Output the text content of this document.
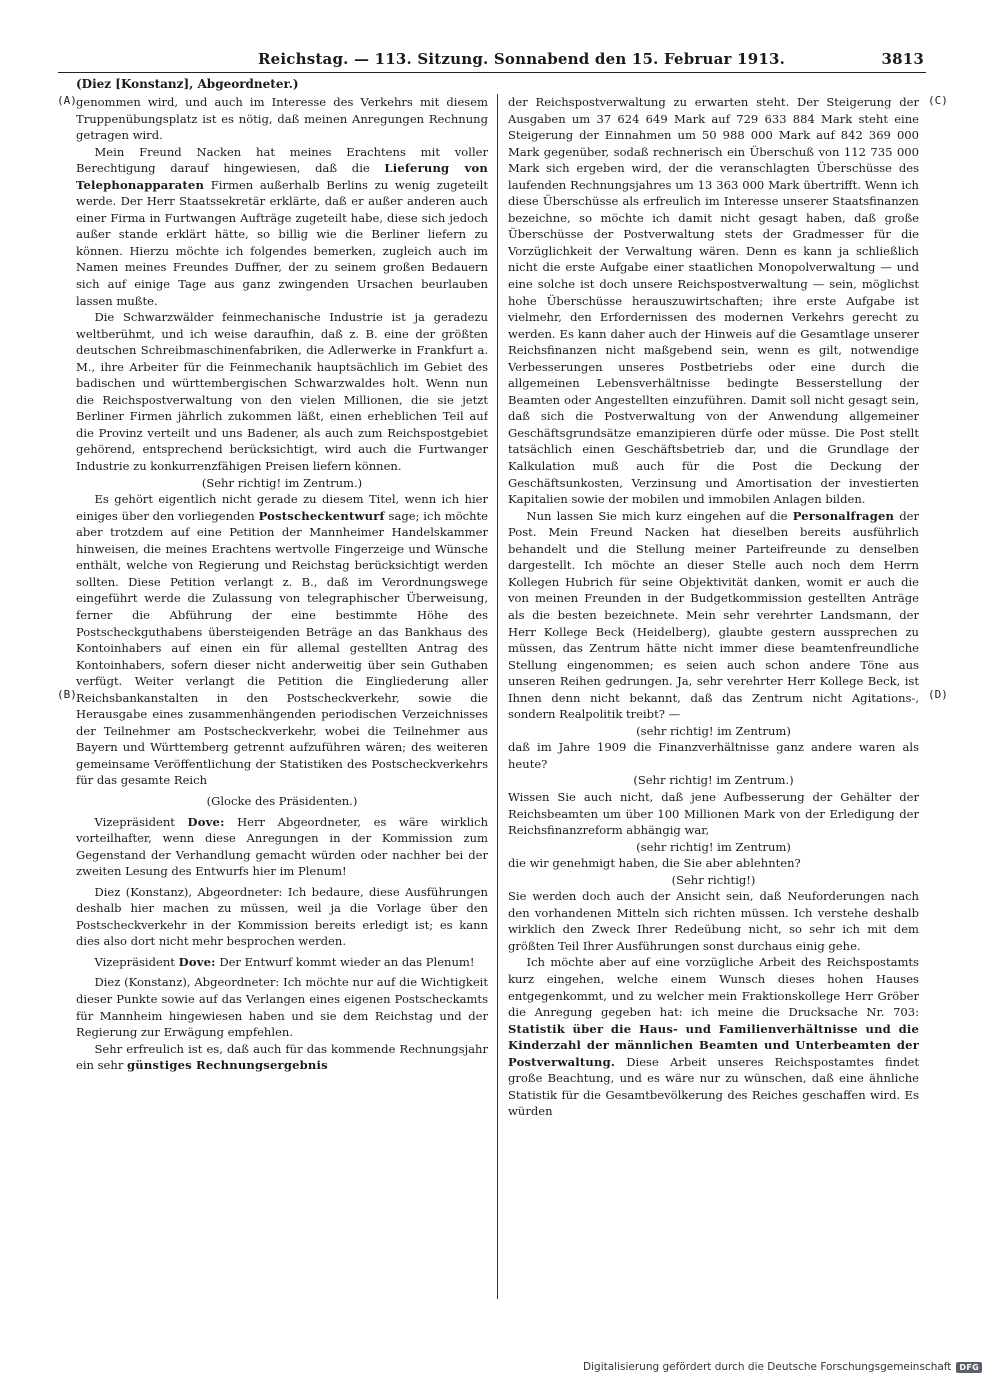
Reichstag. — 113. Sitzung. Sonnabend den 15. Februar 1913.	3813
(Diez [Konstanz], Abgeordneter.)
(A)
(B)
(C)
(D)

genommen wird, und auch im Interesse des Verkehrs mit diesem Truppenübungsplatz ist es nötig, daß meinen Anregungen Rechnung getragen wird.

Mein Freund Nacken hat meines Erachtens mit voller Berechtigung darauf hingewiesen, daß die Lieferung von Telephonapparaten Firmen außerhalb Berlins zu wenig zugeteilt werde. Der Herr Staatssekretär erklärte, daß er außer anderen auch einer Firma in Furtwangen Aufträge zugeteilt habe, diese sich jedoch außer stande erklärt hätte, so billig wie die Berliner liefern zu können. Hierzu möchte ich folgendes bemerken, zugleich auch im Namen meines Freundes Duffner, der zu seinem großen Bedauern sich auf einige Tage aus ganz zwingenden Ursachen beurlauben lassen mußte.

Die Schwarzwälder feinmechanische Industrie ist ja geradezu weltberühmt, und ich weise daraufhin, daß z. B. eine der größten deutschen Schreibmaschinenfabriken, die Adlerwerke in Frankfurt a. M., ihre Arbeiter für die Feinmechanik hauptsächlich im Gebiet des badischen und württembergischen Schwarzwaldes holt. Wenn nun die Reichspostverwaltung von den vielen Millionen, die sie jetzt Berliner Firmen jährlich zukommen läßt, einen erheblichen Teil auf die Provinz verteilt und uns Badener, als auch zum Reichspostgebiet gehörend, entsprechend berücksichtigt, wird auch die Furtwanger Industrie zu konkurrenzfähigen Preisen liefern können.

(Sehr richtig! im Zentrum.)

Es gehört eigentlich nicht gerade zu diesem Titel, wenn ich hier einiges über den vorliegenden Postscheckentwurf sage; ich möchte aber trotzdem auf eine Petition der Mannheimer Handelskammer hinweisen, die meines Erachtens wertvolle Fingerzeige und Wünsche enthält, welche von Regierung und Reichstag berücksichtigt werden sollten. Diese Petition verlangt z. B., daß im Verordnungswege eingeführt werde die Zulassung von telegraphischer Überweisung, ferner die Abführung der eine bestimmte Höhe des Postscheckguthabens übersteigenden Beträge an das Bankhaus des Kontoinhabers auf einen ein für allemal gestellten Antrag des Kontoinhabers, sofern dieser nicht anderweitig über sein Guthaben verfügt. Weiter verlangt die Petition die Eingliederung aller Reichsbankanstalten in den Postscheckverkehr, sowie die Herausgabe eines zusammenhängenden periodischen Verzeichnisses der Teilnehmer am Postscheckverkehr, wobei die Teilnehmer aus Bayern und Württemberg getrennt aufzuführen wären; des weiteren gemeinsame Veröffentlichung der Statistiken des Postscheckverkehrs für das gesamte Reich

(Glocke des Präsidenten.)

Vizepräsident Dove: Herr Abgeordneter, es wäre wirklich vorteilhafter, wenn diese Anregungen in der Kommission zum Gegenstand der Verhandlung gemacht würden oder nachher bei der zweiten Lesung des Entwurfs hier im Plenum!

Diez (Konstanz), Abgeordneter: Ich bedaure, diese Ausführungen deshalb hier machen zu müssen, weil ja die Vorlage über den Postscheckverkehr in der Kommission bereits erledigt ist; es kann dies also dort nicht mehr besprochen werden.

Vizepräsident Dove: Der Entwurf kommt wieder an das Plenum!

Diez (Konstanz), Abgeordneter: Ich möchte nur auf die Wichtigkeit dieser Punkte sowie auf das Verlangen eines eigenen Postscheckamts für Mannheim hingewiesen haben und sie dem Reichstag und der Regierung zur Erwägung empfehlen.

Sehr erfreulich ist es, daß auch für das kommende Rechnungsjahr ein sehr günstiges Rechnungsergebnis

der Reichspostverwaltung zu erwarten steht. Der Steigerung der Ausgaben um 37 624 649 Mark auf 729 633 884 Mark steht eine Steigerung der Einnahmen um 50 988 000 Mark auf 842 369 000 Mark gegenüber, sodaß rechnerisch ein Überschuß von 112 735 000 Mark sich ergeben wird, der die veranschlagten Überschüsse des laufenden Rechnungsjahres um 13 363 000 Mark übertrifft. Wenn ich diese Überschüsse als erfreulich im Interesse unserer Staatsfinanzen bezeichne, so möchte ich damit nicht gesagt haben, daß große Überschüsse der Postverwaltung stets der Gradmesser für die Vorzüglichkeit der Verwaltung wären. Denn es kann ja schließlich nicht die erste Aufgabe einer staatlichen Monopolverwaltung — und eine solche ist doch unsere Reichspostverwaltung — sein, möglichst hohe Überschüsse herauszuwirtschaften; ihre erste Aufgabe ist vielmehr, den Erfordernissen des modernen Verkehrs gerecht zu werden. Es kann daher auch der Hinweis auf die Gesamtlage unserer Reichsfinanzen nicht maßgebend sein, wenn es gilt, notwendige Verbesserungen unseres Postbetriebs oder eine durch die allgemeinen Lebensverhältnisse bedingte Besserstellung der Beamten oder Angestellten einzuführen. Damit soll nicht gesagt sein, daß sich die Postverwaltung von der Anwendung allgemeiner Geschäftsgrundsätze emanzipieren dürfe oder müsse. Die Post stellt tatsächlich einen Geschäftsbetrieb dar, und die Grundlage der Kalkulation muß auch für die Post die Deckung der Geschäftsunkosten, Verzinsung und Amortisation der investierten Kapitalien sowie der mobilen und immobilen Anlagen bilden.

Nun lassen Sie mich kurz eingehen auf die Personalfragen der Post. Mein Freund Nacken hat dieselben bereits ausführlich behandelt und die Stellung meiner Parteifreunde zu denselben dargestellt. Ich möchte an dieser Stelle auch noch dem Herrn Kollegen Hubrich für seine Objektivität danken, womit er auch die von meinen Freunden in der Budgetkommission gestellten Anträge als die besten bezeichnete. Mein sehr verehrter Landsmann, der Herr Kollege Beck (Heidelberg), glaubte gestern aussprechen zu müssen, das Zentrum hätte nicht immer diese beamtenfreundliche Stellung eingenommen; es seien auch schon andere Töne aus unseren Reihen gedrungen. Ja, sehr verehrter Herr Kollege Beck, ist Ihnen denn nicht bekannt, daß das Zentrum nicht Agitations-, sondern Realpolitik treibt? —

(sehr richtig! im Zentrum)

daß im Jahre 1909 die Finanzverhältnisse ganz andere waren als heute?

(Sehr richtig! im Zentrum.)

Wissen Sie auch nicht, daß jene Aufbesserung der Gehälter der Reichsbeamten um über 100 Millionen Mark von der Erledigung der Reichsfinanzreform abhängig war,

(sehr richtig! im Zentrum)

die wir genehmigt haben, die Sie aber ablehnten?

(Sehr richtig!)

Sie werden doch auch der Ansicht sein, daß Neuforderungen nach den vorhandenen Mitteln sich richten müssen. Ich verstehe deshalb wirklich den Zweck Ihrer Redeübung nicht, so sehr ich mit dem größten Teil Ihrer Ausführungen sonst durchaus einig gehe.

Ich möchte aber auf eine vorzügliche Arbeit des Reichspostamts kurz eingehen, welche einem Wunsch dieses hohen Hauses entgegenkommt, und zu welcher mein Fraktionskollege Herr Gröber die Anregung gegeben hat: ich meine die Drucksache Nr. 703: Statistik über die Haus- und Familienverhältnisse und die Kinderzahl der männlichen Beamten und Unterbeamten der Postverwaltung. Diese Arbeit unseres Reichspostamtes findet große Beachtung, und es wäre nur zu wünschen, daß eine ähnliche Statistik für die Gesamtbevölkerung des Reiches geschaffen wird. Es würden

Digitalisierung gefördert durch die Deutsche Forschungsgemeinschaft	DFG
